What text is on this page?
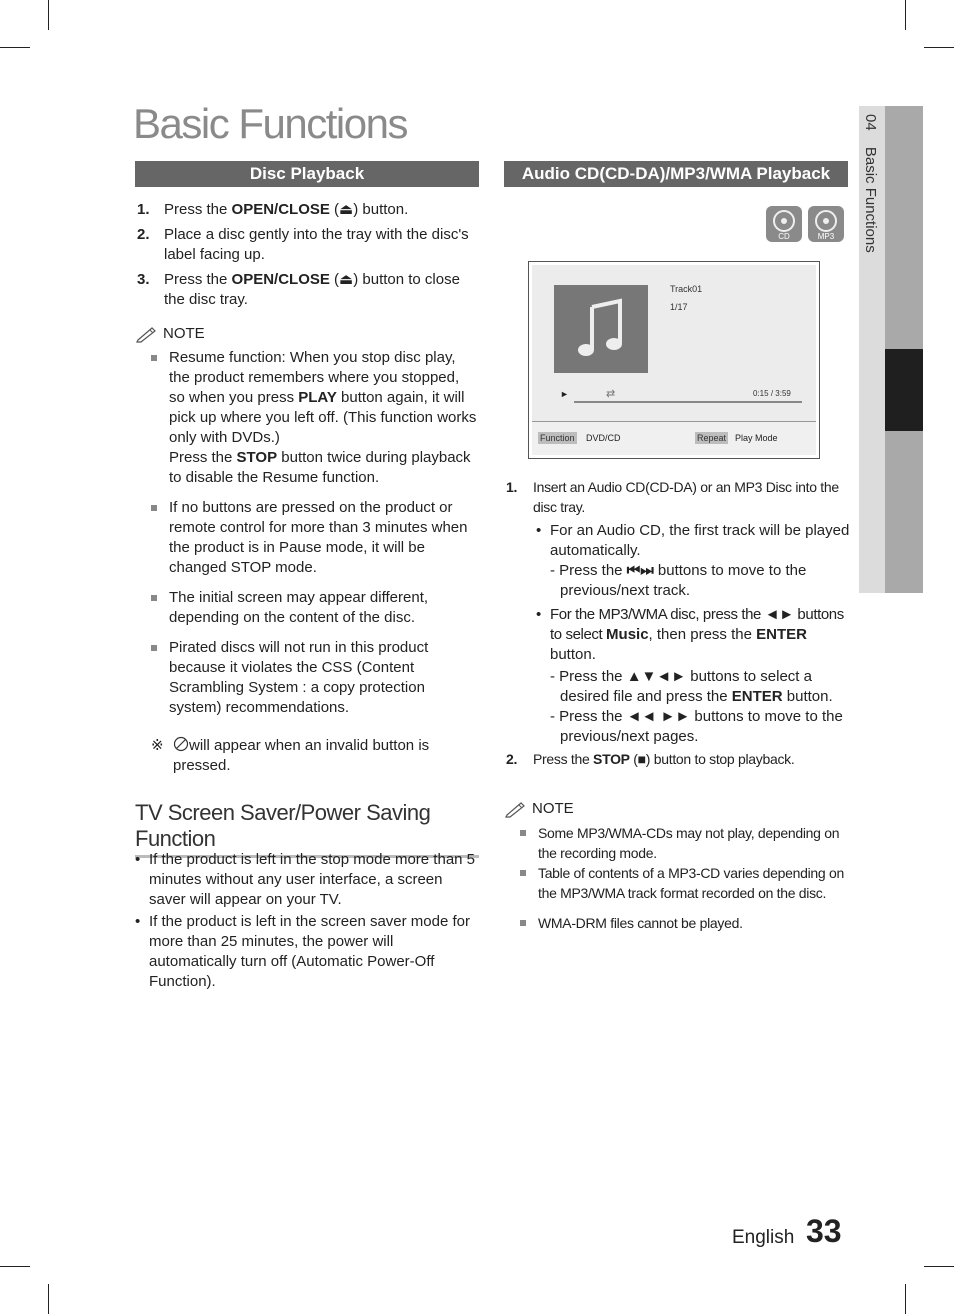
Basic Functions	04 Basic Functions
Disc Playback
1. Press the OPEN/CLOSE (⏏) button.
2. Place a disc gently into the tray with the disc's label facing up.
3. Press the OPEN/CLOSE (⏏) button to close the disc tray.
NOTE
Resume function: When you stop disc play, the product remembers where you stopped, so when you press PLAY button again, it will pick up where you left off. (This function works only with DVDs.)
Press the STOP button twice during playback to disable the Resume function.
If no buttons are pressed on the product or remote control for more than 3 minutes when the product is in Pause mode, it will be changed STOP mode.
The initial screen may appear different, depending on the content of the disc.
Pirated discs will not run in this product because it violates the CSS (Content Scrambling System : a copy protection system) recommendations.
※ will appear when an invalid button is pressed.
TV Screen Saver/Power Saving Function
• If the product is left in the stop mode more than 5 minutes without any user interface, a screen saver will appear on your TV.
• If the product is left in the screen saver mode for more than 25 minutes, the power will automatically turn off (Automatic Power-Off Function).
Audio CD(CD-DA)/MP3/WMA Playback
CD	MP3
Track01
1/17
►	⇄	0:15 / 3:59
Function DVD/CD	Repeat Play Mode
1. Insert an Audio CD(CD-DA) or an MP3 Disc into the disc tray.
• For an Audio CD, the first track will be played automatically.
- Press the ⏮⏭ buttons to move to the previous/next track.
• For the MP3/WMA disc, press the ◄► buttons to select Music, then press the ENTER button.
- Press the ▲▼◄► buttons to select a desired file and press the ENTER button.
- Press the ◄◄ ►► buttons to move to the previous/next pages.
2. Press the STOP (■) button to stop playback.
NOTE
Some MP3/WMA-CDs may not play, depending on the recording mode.
Table of contents of a MP3-CD varies depending on the MP3/WMA track format recorded on the disc.
WMA-DRM files cannot be played.
English 33
